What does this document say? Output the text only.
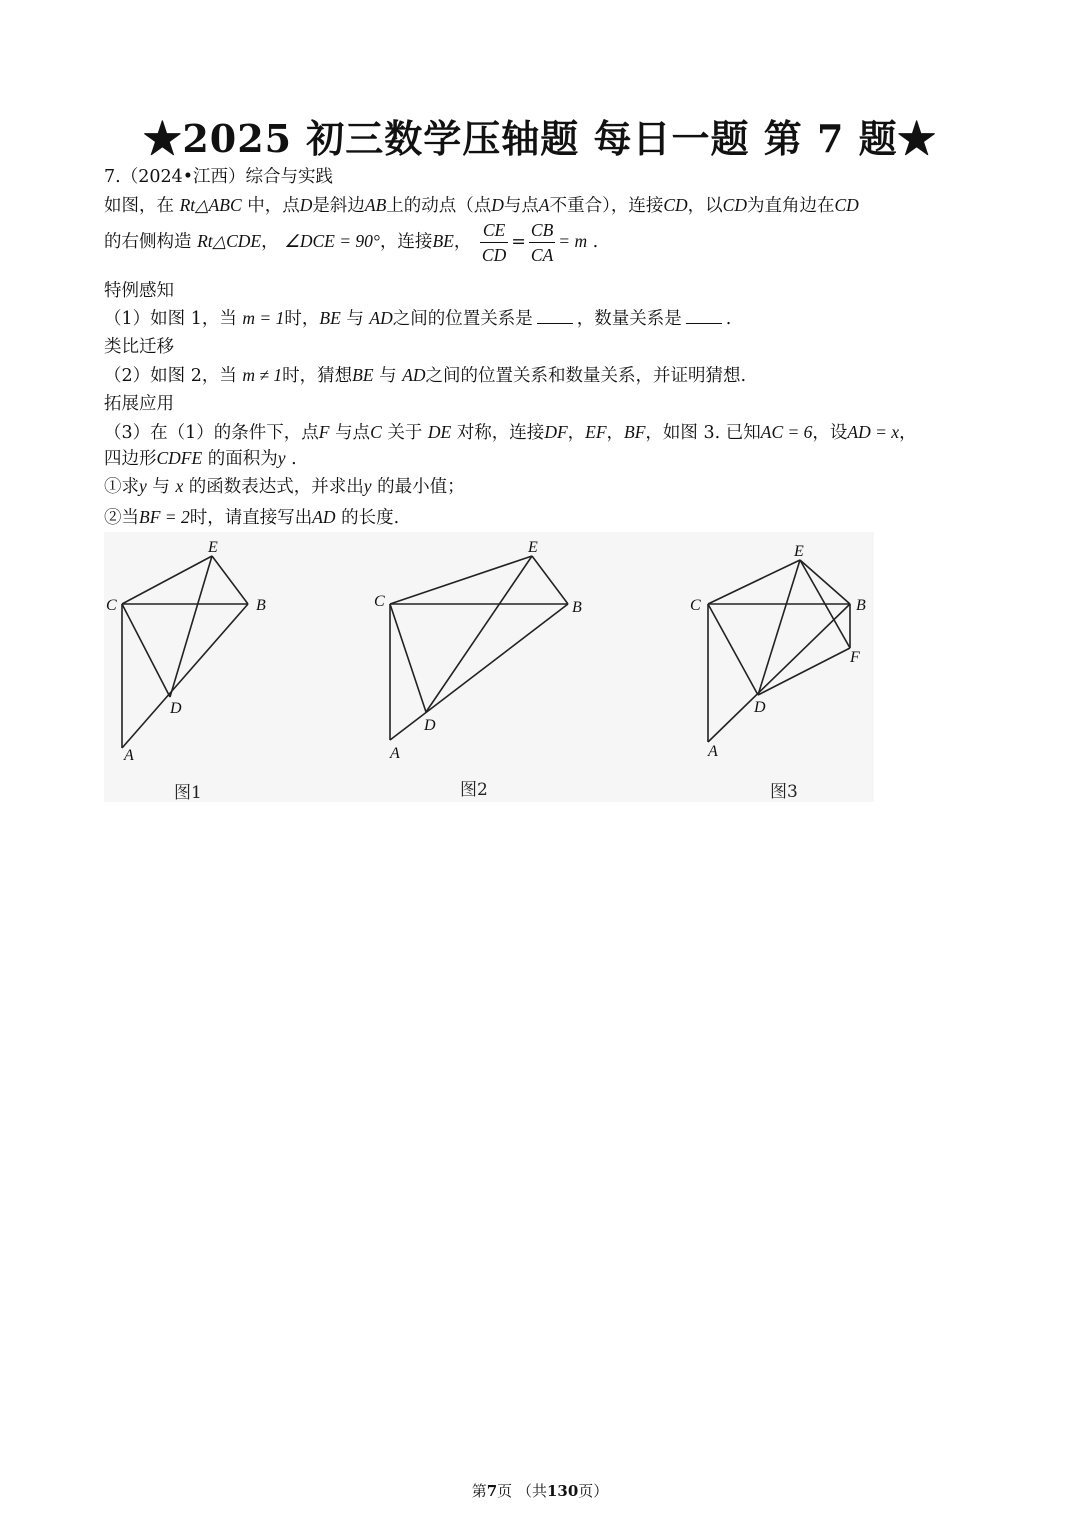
★2025 初三数学压轴题 每日一题 第 7 题★
7.（2024•江西）综合与实践
如图，在 Rt△ABC 中，点D是斜边AB上的动点（点D与点A不重合），连接CD，以CD为直角边在CD
的右侧构造 Rt△CDE， ∠DCE = 90°，连接BE， $\frac{CE}{CD} = \frac{CB}{CA} = m$ .
特例感知
（1）如图 1，当 m = 1时，BE 与 AD之间的位置关系是	，数量关系是	.
类比迁移
（2）如图 2，当 m ≠ 1时，猜想BE 与 AD之间的位置关系和数量关系，并证明猜想.
拓展应用
（3）在（1）的条件下，点F 与点C 关于 DE 对称，连接DF，EF，BF，如图 3. 已知AC = 6，设AD = x，
四边形CDFE 的面积为y .
①求y 与 x 的函数表达式，并求出y 的最小值；
②当BF = 2时，请直接写出AD 的长度.
E
C	B
D
A
E
C	B
D
A
E
C	B
F
D
A
图1	图2	图3
第7页 （共130页）
